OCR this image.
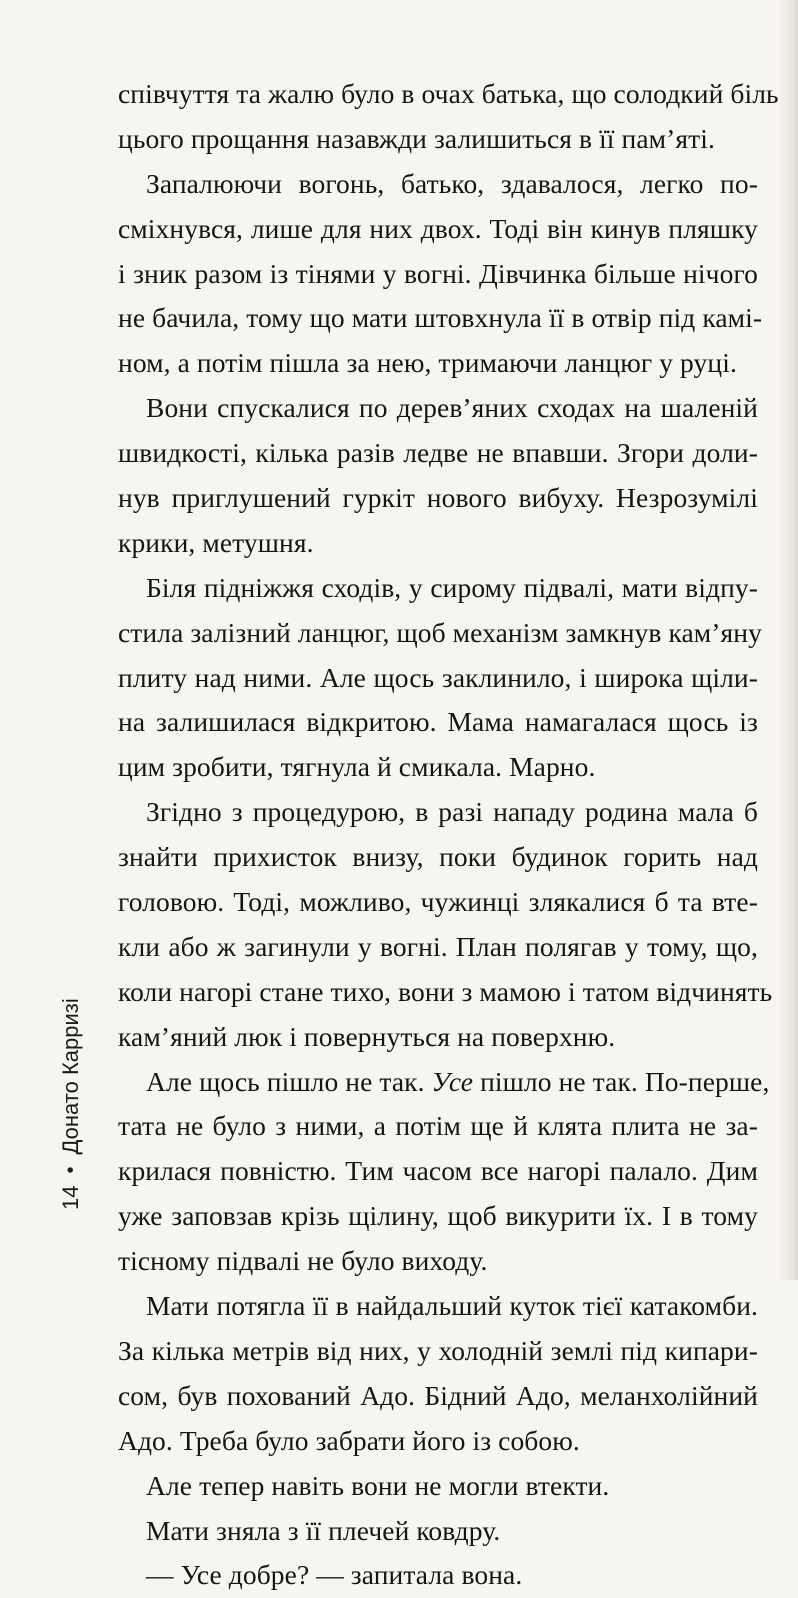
співчуття та жалю було в очах батька, що солодкий біль
цього прощання назавжди залишиться в її пам’яті.
Запалюючи вогонь, батько, здавалося, легко по-
сміхнувся, лише для них двох. Тоді він кинув пляшку
і зник разом із тінями у вогні. Дівчинка більше нічого
не бачила, тому що мати штовхнула її в отвір під камі-
ном, а потім пішла за нею, тримаючи ланцюг у руці.
Вони спускалися по дерев’яних сходах на шаленій
швидкості, кілька разів ледве не впавши. Згори доли-
нув приглушений гуркіт нового вибуху. Незрозумілі
крики, метушня.
Біля підніжжя сходів, у сирому підвалі, мати відпу-
стила залізний ланцюг, щоб механізм замкнув кам’яну
плиту над ними. Але щось заклинило, і широка щіли-
на залишилася відкритою. Мама намагалася щось із
цим зробити, тягнула й смикала. Марно.
Згідно з процедурою, в разі нападу родина мала б
знайти прихисток внизу, поки будинок горить над
головою. Тоді, можливо, чужинці злякалися б та вте-
кли або ж загинули у вогні. План полягав у тому, що,
коли нагорі стане тихо, вони з мамою і татом відчинять
кам’яний люк і повернуться на поверхню.
Але щось пішло не так. Усе пішло не так. По-перше,
тата не було з ними, а потім ще й клята плита не за-
крилася повністю. Тим часом все нагорі палало. Дим
уже заповзав крізь щілину, щоб викурити їх. І в тому
тісному підвалі не було виходу.
Мати потягла її в найдальший куток тієї катакомби.
За кілька метрів від них, у холодній землі під кипари-
сом, був похований Адо. Бідний Адо, меланхолійний
Адо. Треба було забрати його із собою.
Але тепер навіть вони не могли втекти.
Мати зняла з її плечей ковдру.
— Усе добре? — запитала вона.
14
•
Донато Карризі
